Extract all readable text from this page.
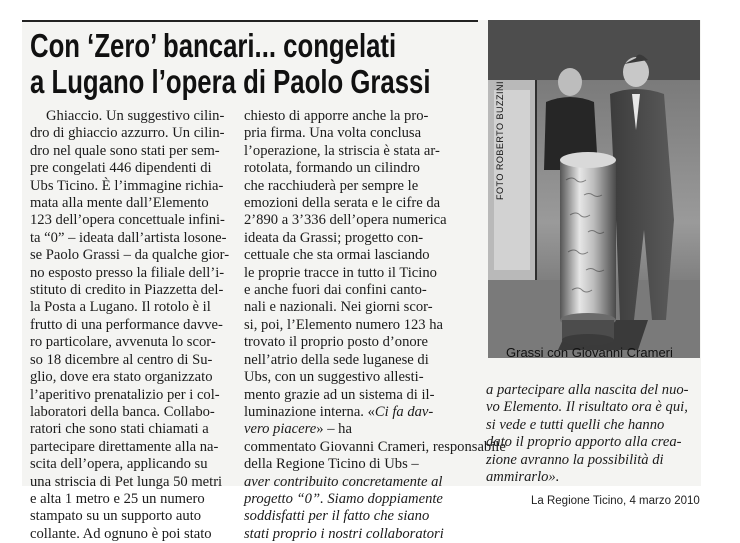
Con ‘Zero’ bancari... congelati
a Lugano l’opera di Paolo Grassi
Ghiaccio. Un suggestivo cilin-
dro di ghiaccio azzurro. Un cilin-
dro nel quale sono stati per sem-
pre congelati 446 dipendenti di
Ubs Ticino. È l’immagine richia-
mata alla mente dall’Elemento
123 dell’opera concettuale infini-
ta “0” – ideata dall’artista losone-
se Paolo Grassi – da qualche gior-
no esposto presso la filiale dell’i-
stituto di credito in Piazzetta del-
la Posta a Lugano. Il rotolo è il
frutto di una performance davve-
ro particolare, avvenuta lo scor-
so 18 dicembre al centro di Su-
glio, dove era stato organizzato
l’aperitivo prenatalizio per i col-
laboratori della banca. Collabo-
ratori che sono stati chiamati a
partecipare direttamente alla na-
scita dell’opera, applicando su
una striscia di Pet lunga 50 metri
e alta 1 metro e 25 un numero
stampato su un supporto auto
collante. Ad ognuno è poi stato
chiesto di apporre anche la pro-
pria firma. Una volta conclusa
l’operazione, la striscia è stata ar-
rotolata, formando un cilindro
che racchiuderà per sempre le
emozioni della serata e le cifre da
2’890 a 3’336 dell’opera numerica
ideata da Grassi; progetto con-
cettuale che sta ormai lasciando
le proprie tracce in tutto il Ticino
e anche fuori dai confini canto-
nali e nazionali. Nei giorni scor-
si, poi, l’Elemento numero 123 ha
trovato il proprio posto d’onore
nell’atrio della sede luganese di
Ubs, con un suggestivo allesti-
mento grazie ad un sistema di il-
luminazione interna. «Ci fa dav-
vero piacere» – ha
commentato Giovanni Crameri, responsabile
della Regione Ticino di Ubs –
aver contribuito concretamente al
progetto “0”. Siamo doppiamente
soddisfatti per il fatto che siano
stati proprio i nostri collaboratori
a partecipare alla nascita del nuo-
vo Elemento. Il risultato ora è qui,
si vede e tutti quelli che hanno
dato il proprio apporto alla crea-
zione avranno la possibilità di
ammirarlo».
FOTO ROBERTO BUZZINI
Grassi con Giovanni Crameri
La Regione Ticino, 4 marzo 2010
